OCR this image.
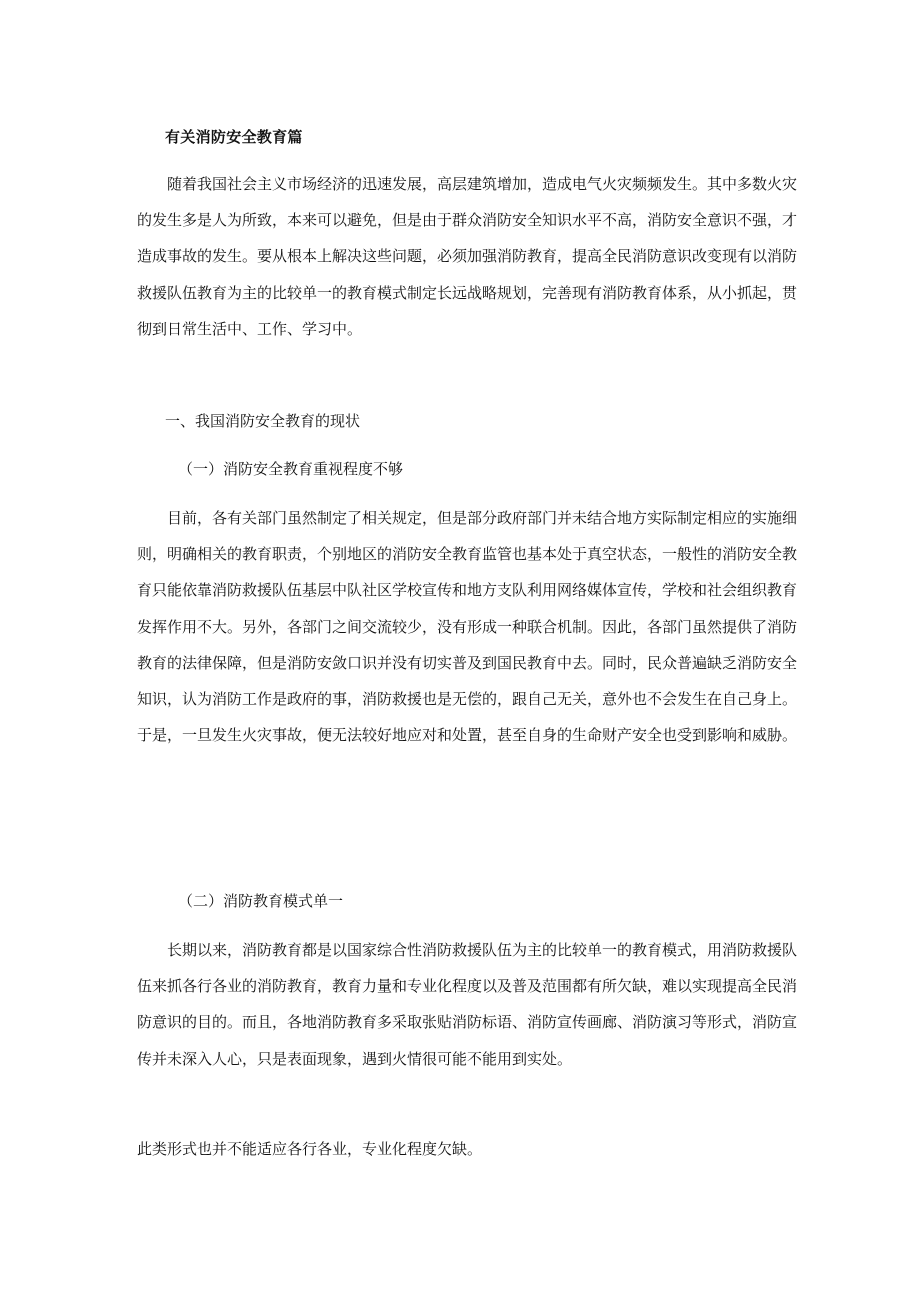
有关消防安全教育篇

随着我国社会主义市场经济的迅速发展，高层建筑增加，造成电气火灾频频发生。其中多数火灾的发生多是人为所致，本来可以避免，但是由于群众消防安全知识水平不高，消防安全意识不强，才造成事故的发生。要从根本上解决这些问题，必须加强消防教育，提高全民消防意识改变现有以消防救援队伍教育为主的比较单一的教育模式制定长远战略规划，完善现有消防教育体系，从小抓起，贯彻到日常生活中、工作、学习中。

一、我国消防安全教育的现状

（一）消防安全教育重视程度不够

目前，各有关部门虽然制定了相关规定，但是部分政府部门并未结合地方实际制定相应的实施细则，明确相关的教育职责，个别地区的消防安全教育监管也基本处于真空状态，一般性的消防安全教育只能依靠消防救援队伍基层中队社区学校宣传和地方支队利用网络媒体宣传，学校和社会组织教育发挥作用不大。另外，各部门之间交流较少，没有形成一种联合机制。因此，各部门虽然提供了消防教育的法律保障，但是消防安敛口识并没有切实普及到国民教育中去。同时，民众普遍缺乏消防安全知识，认为消防工作是政府的事，消防救援也是无偿的，跟自己无关，意外也不会发生在自己身上。于是，一旦发生火灾事故，便无法较好地应对和处置，甚至自身的生命财产安全也受到影响和威胁。

（二）消防教育模式单一

长期以来，消防教育都是以国家综合性消防救援队伍为主的比较单一的教育模式，用消防救援队伍来抓各行各业的消防教育，教育力量和专业化程度以及普及范围都有所欠缺，难以实现提高全民消防意识的目的。而且，各地消防教育多采取张贴消防标语、消防宣传画廊、消防演习等形式，消防宣传并未深入人心，只是表面现象，遇到火情很可能不能用到实处。

此类形式也并不能适应各行各业，专业化程度欠缺。
